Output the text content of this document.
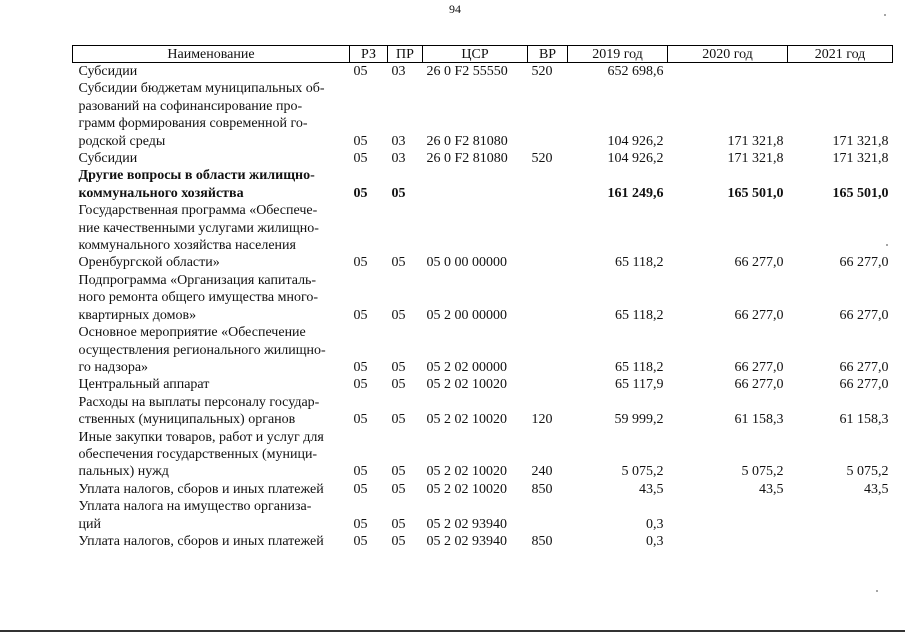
94
Наименование	РЗ	ПР	ЦСР	ВР	2019 год	2020 год	2021 год

Субсидии	05	03	26 0 F2 55550	520	652 698,6		

Субсидии бюджетам муниципальных об-
разований на софинансирование про-
грамм формирования современной го-
родской среды	05	03	26 0 F2 81080		104 926,2	171 321,8	171 321,8

Субсидии	05	03	26 0 F2 81080	520	104 926,2	171 321,8	171 321,8

Другие вопросы в области жилищно-
коммунального хозяйства	05	05			161 249,6	165 501,0	165 501,0

Государственная программа «Обеспече-
ние качественными услугами жилищно-
коммунального хозяйства населения
Оренбургской области»	05	05	05 0 00 00000		65 118,2	66 277,0	66 277,0

Подпрограмма «Организация капиталь-
ного ремонта общего имущества много-
квартирных домов»	05	05	05 2 00 00000		65 118,2	66 277,0	66 277,0

Основное мероприятие «Обеспечение
осуществления регионального жилищно-
го надзора»	05	05	05 2 02 00000		65 118,2	66 277,0	66 277,0

Центральный аппарат	05	05	05 2 02 10020		65 117,9	66 277,0	66 277,0

Расходы на выплаты персоналу государ-
ственных (муниципальных) органов	05	05	05 2 02 10020	120	59 999,2	61 158,3	61 158,3

Иные закупки товаров, работ и услуг для
обеспечения государственных (муници-
пальных) нужд	05	05	05 2 02 10020	240	5 075,2	5 075,2	5 075,2

Уплата налогов, сборов и иных платежей	05	05	05 2 02 10020	850	43,5	43,5	43,5

Уплата налога на имущество организа-
ций	05	05	05 2 02 93940		0,3		

Уплата налогов, сборов и иных платежей	05	05	05 2 02 93940	850	0,3		
